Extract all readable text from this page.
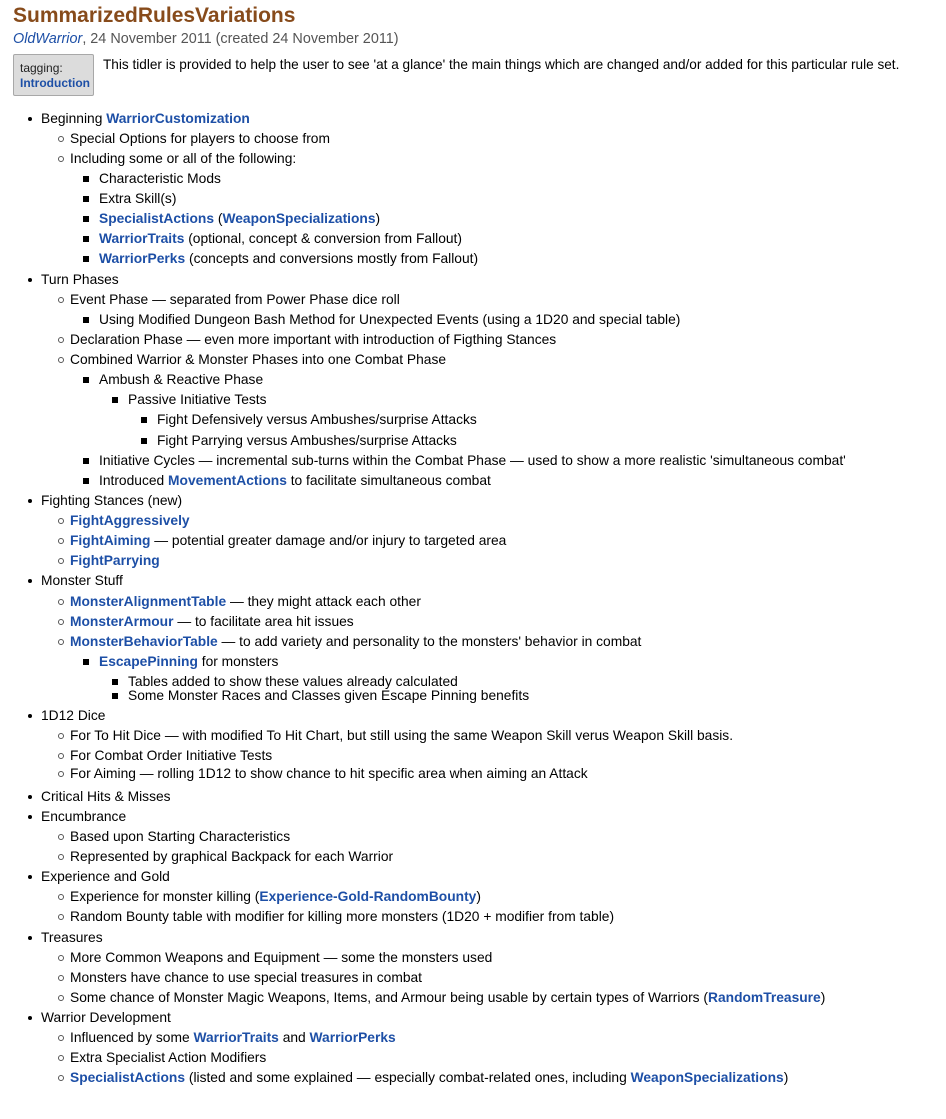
SummarizedRulesVariations
OldWarrior, 24 November 2011 (created 24 November 2011)
tagging:
Introduction
This tidler is provided to help the user to see 'at a glance' the main things which are changed and/or added for this particular rule set.
Beginning WarriorCustomization
Special Options for players to choose from
Including some or all of the following:
Characteristic Mods
Extra Skill(s)
SpecialistActions (WeaponSpecializations)
WarriorTraits (optional, concept & conversion from Fallout)
WarriorPerks (concepts and conversions mostly from Fallout)
Turn Phases
Event Phase — separated from Power Phase dice roll
Using Modified Dungeon Bash Method for Unexpected Events (using a 1D20 and special table)
Declaration Phase — even more important with introduction of Figthing Stances
Combined Warrior & Monster Phases into one Combat Phase
Ambush & Reactive Phase
Passive Initiative Tests
Fight Defensively versus Ambushes/surprise Attacks
Fight Parrying versus Ambushes/surprise Attacks
Initiative Cycles — incremental sub-turns within the Combat Phase — used to show a more realistic 'simultaneous combat'
Introduced MovementActions to facilitate simultaneous combat
Fighting Stances (new)
FightAggressively
FightAiming — potential greater damage and/or injury to targeted area
FightParrying
Monster Stuff
MonsterAlignmentTable — they might attack each other
MonsterArmour — to facilitate area hit issues
MonsterBehaviorTable — to add variety and personality to the monsters' behavior in combat
EscapePinning for monsters
Tables added to show these values already calculated
Some Monster Races and Classes given Escape Pinning benefits
1D12 Dice
For To Hit Dice — with modified To Hit Chart, but still using the same Weapon Skill verus Weapon Skill basis.
For Combat Order Initiative Tests
For Aiming — rolling 1D12 to show chance to hit specific area when aiming an Attack
Critical Hits & Misses
Encumbrance
Based upon Starting Characteristics
Represented by graphical Backpack for each Warrior
Experience and Gold
Experience for monster killing (Experience-Gold-RandomBounty)
Random Bounty table with modifier for killing more monsters (1D20 + modifier from table)
Treasures
More Common Weapons and Equipment — some the monsters used
Monsters have chance to use special treasures in combat
Some chance of Monster Magic Weapons, Items, and Armour being usable by certain types of Warriors (RandomTreasure)
Warrior Development
Influenced by some WarriorTraits and WarriorPerks
Extra Specialist Action Modifiers
SpecialistActions (listed and some explained — especially combat-related ones, including WeaponSpecializations)
